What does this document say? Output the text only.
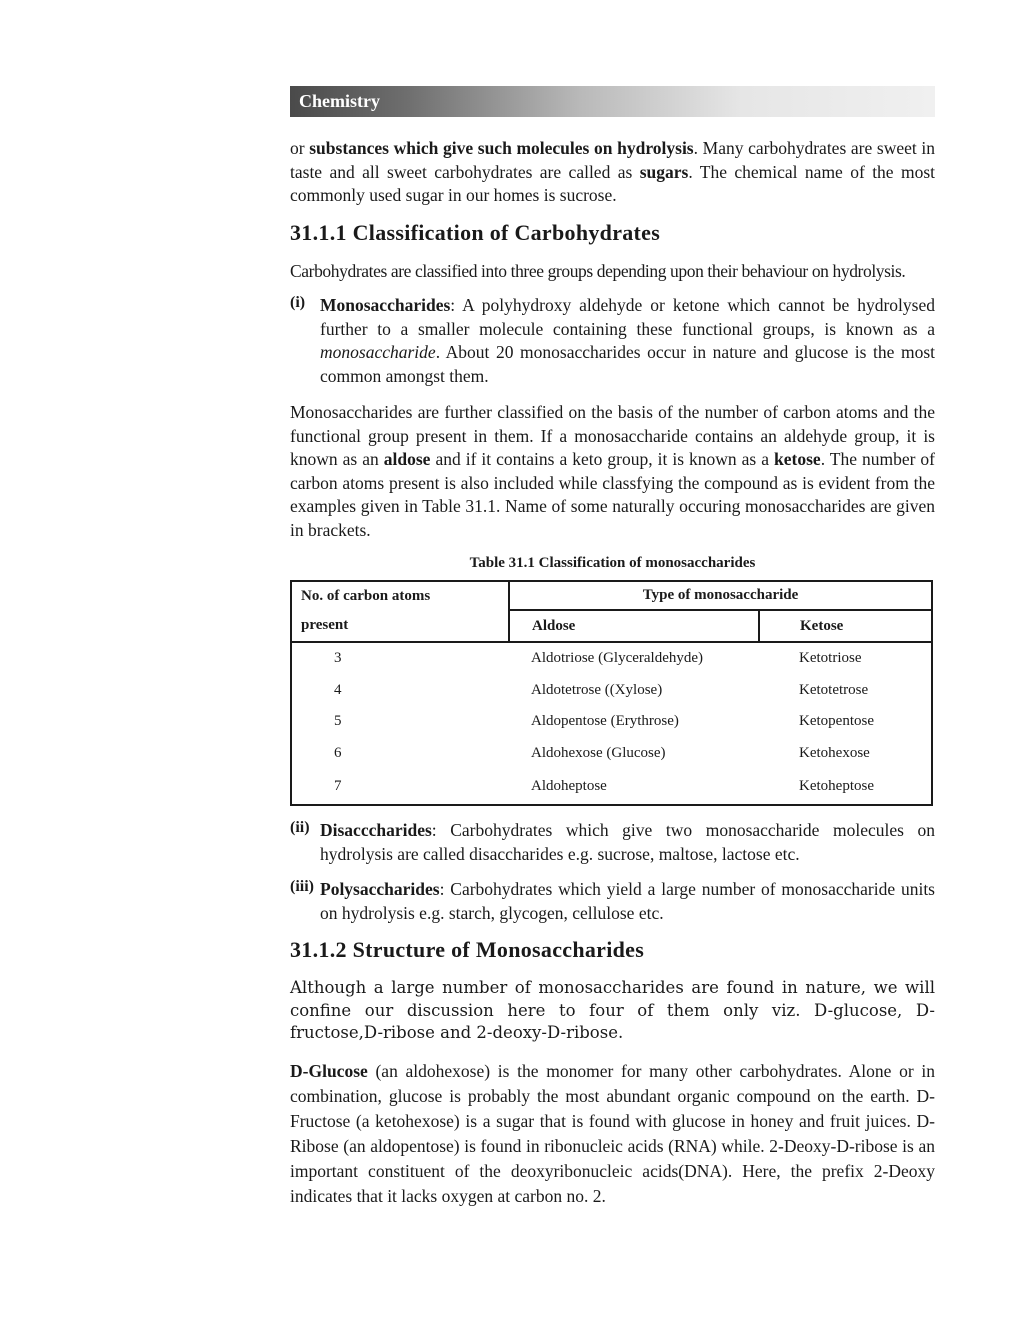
Chemistry

or substances which give such molecules on hydrolysis. Many carbohydrates are sweet in taste and all sweet carbohydrates are called as sugars. The chemical name of the most commonly used sugar in our homes is sucrose.

31.1.1 Classification of Carbohydrates

Carbohydrates are classified into three groups depending upon their behaviour on hydrolysis.

(i) Monosaccharides: A polyhydroxy aldehyde or ketone which cannot be hydrolysed further to a smaller molecule containing these functional groups, is known as a monosaccharide. About 20 monosaccharides occur in nature and glucose is the most common amongst them.

Monosaccharides are further classified on the basis of the number of carbon atoms and the functional group present in them. If a monosaccharide contains an aldehyde group, it is known as an aldose and if it contains a keto group, it is known as a ketose. The number of carbon atoms present is also included while classfying the compound as is evident from the examples given in Table 31.1. Name of some naturally occuring monosaccharides are given in brackets.

Table 31.1 Classification of monosaccharides
No. of carbon atoms	Type of monosaccharide	
present	Aldose	Ketose
3	Aldotriose (Glyceraldehyde)	Ketotriose
4	Aldotetrose ((Xylose)	Ketotetrose
5	Aldopentose (Erythrose)	Ketopentose
6	Aldohexose (Glucose)	Ketohexose
7	Aldoheptose	Ketoheptose
(ii) Disacccharides: Carbohydrates which give two monosaccharide molecules on hydrolysis are called disaccharides e.g. sucrose, maltose, lactose etc.

(iii) Polysaccharides: Carbohydrates which yield a large number of monosaccharide units on hydrolysis e.g. starch, glycogen, cellulose etc.

31.1.2 Structure of Monosaccharides

Although a large number of monosaccharides are found in nature, we will confine our discussion here to four of them only viz. D-glucose, D-fructose,D-ribose and 2-deoxy-D-ribose.

D-Glucose (an aldohexose) is the monomer for many other carbohydrates. Alone or in combination, glucose is probably the most abundant organic compound on the earth. D-Fructose (a ketohexose) is a sugar that is found with glucose in honey and fruit juices. D-Ribose (an aldopentose) is found in ribonucleic acids (RNA) while. 2-Deoxy-D-ribose is an important constituent of the deoxyribonucleic acids(DNA). Here, the prefix 2-Deoxy indicates that it lacks oxygen at carbon no. 2.
